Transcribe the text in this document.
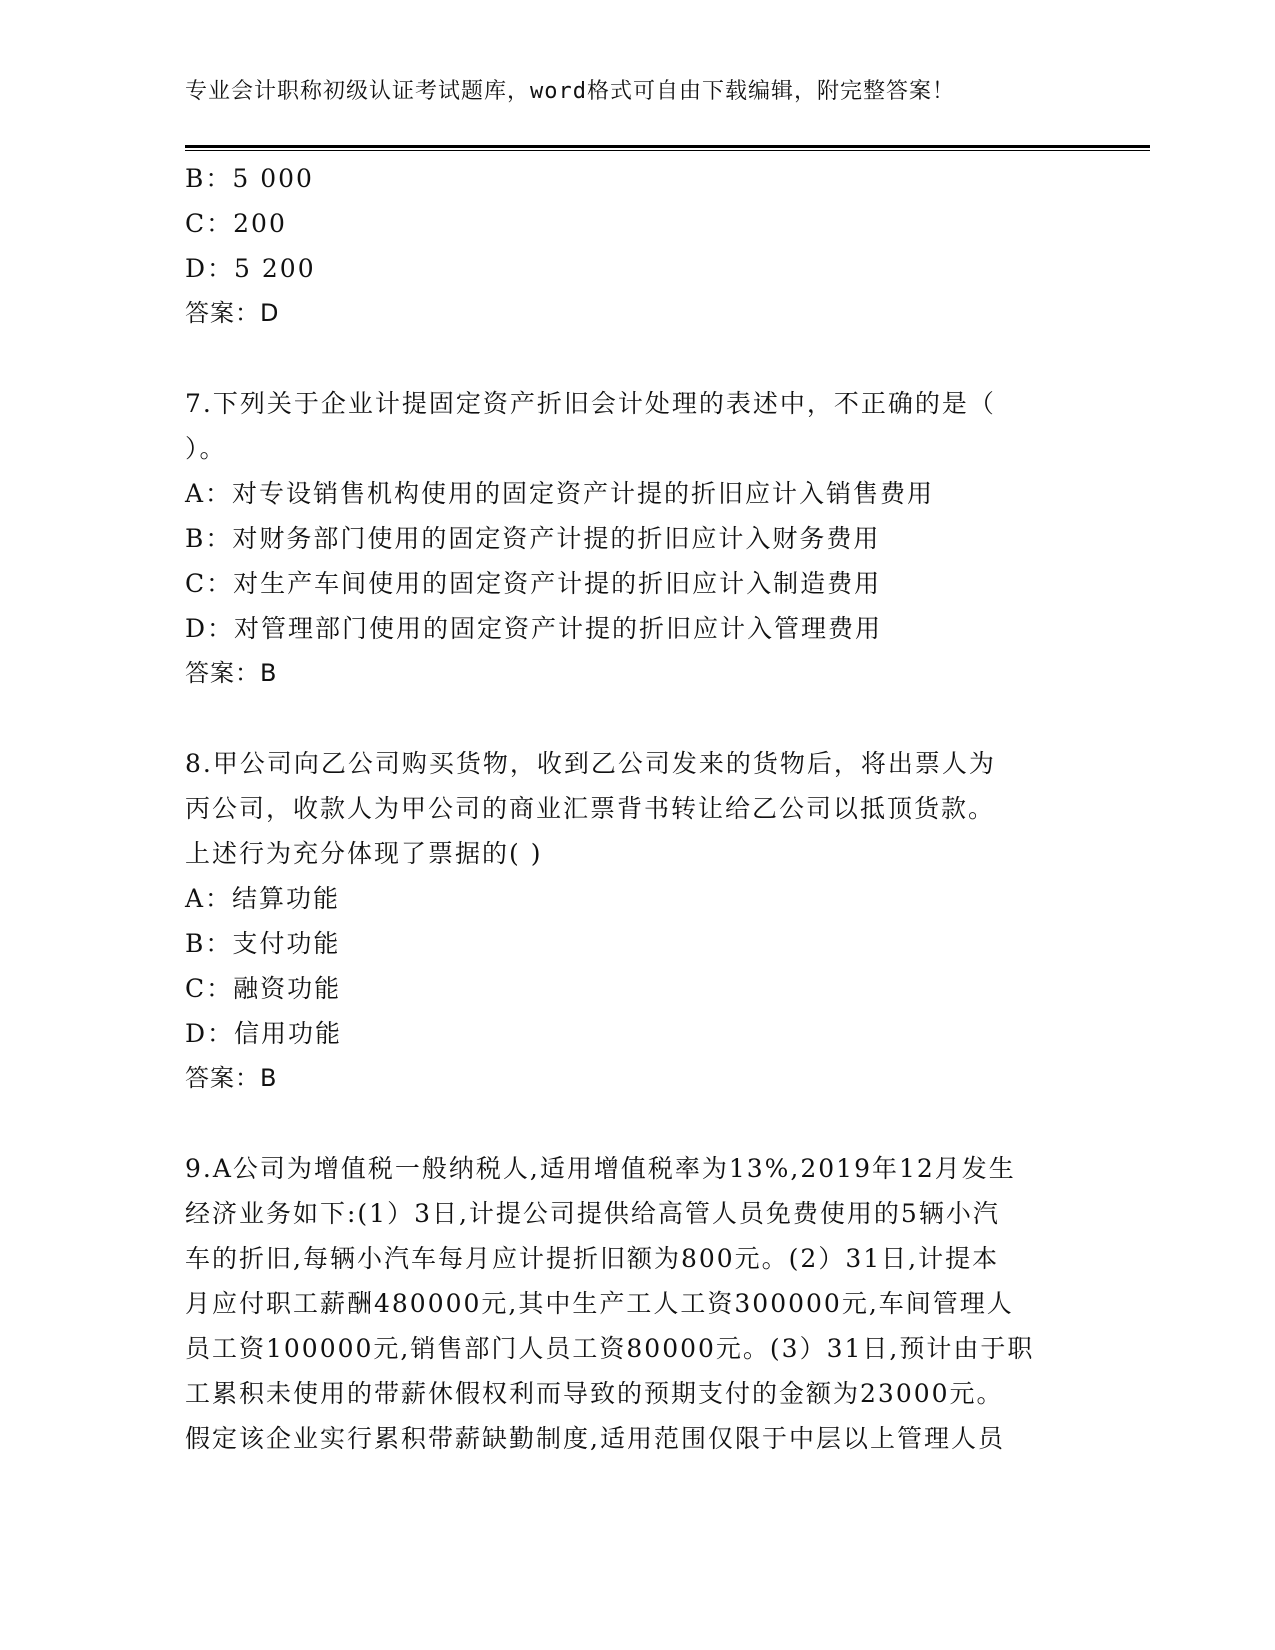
专业会计职称初级认证考试题库，word格式可自由下载编辑，附完整答案！
B：5 000
C：200
D：5 200
答案：D
7.下列关于企业计提固定资产折旧会计处理的表述中，不正确的是（
）。
A：对专设销售机构使用的固定资产计提的折旧应计入销售费用
B：对财务部门使用的固定资产计提的折旧应计入财务费用
C：对生产车间使用的固定资产计提的折旧应计入制造费用
D：对管理部门使用的固定资产计提的折旧应计入管理费用
答案：B
8.甲公司向乙公司购买货物，收到乙公司发来的货物后，将出票人为
丙公司，收款人为甲公司的商业汇票背书转让给乙公司以抵顶货款。
上述行为充分体现了票据的( )
A：结算功能
B：支付功能
C：融资功能
D：信用功能
答案：B
9.A公司为增值税一般纳税人,适用增值税率为13%,2019年12月发生
经济业务如下:(1）3日,计提公司提供给高管人员免费使用的5辆小汽
车的折旧,每辆小汽车每月应计提折旧额为800元。(2）31日,计提本
月应付职工薪酬480000元,其中生产工人工资300000元,车间管理人
员工资100000元,销售部门人员工资80000元。(3）31日,预计由于职
工累积未使用的带薪休假权利而导致的预期支付的金额为23000元。
假定该企业实行累积带薪缺勤制度,适用范围仅限于中层以上管理人员
